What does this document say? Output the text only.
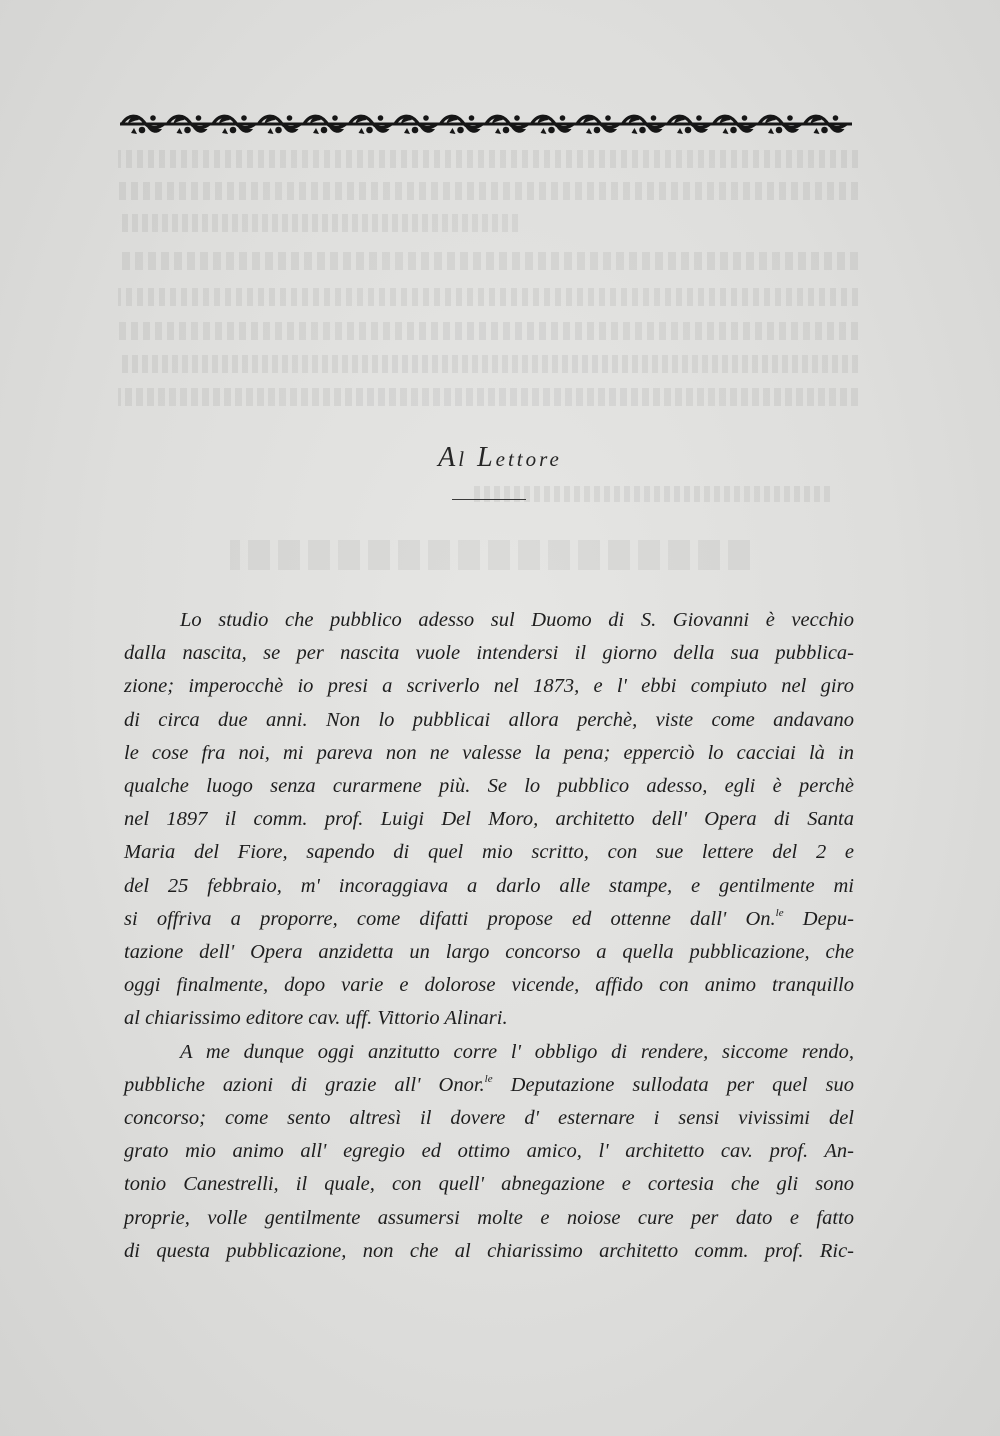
Al Lettore
Lo studio che pubblico adesso sul Duomo di S. Giovanni è vecchio
dalla nascita, se per nascita vuole intendersi il giorno della sua pubblica-
zione; imperocchè io presi a scriverlo nel 1873, e l' ebbi compiuto nel giro
di circa due anni. Non lo pubblicai allora perchè, viste come andavano
le cose fra noi, mi pareva non ne valesse la pena; epperciò lo cacciai là in
qualche luogo senza curarmene più. Se lo pubblico adesso, egli è perchè
nel 1897 il comm. prof. Luigi Del Moro, architetto dell' Opera di Santa
Maria del Fiore, sapendo di quel mio scritto, con sue lettere del 2 e
del 25 febbraio, m' incoraggiava a darlo alle stampe, e gentilmente mi
si offriva a proporre, come difatti propose ed ottenne dall' On.$^{le}$ Depu-
tazione dell' Opera anzidetta un largo concorso a quella pubblicazione, che
oggi finalmente, dopo varie e dolorose vicende, affido con animo tranquillo
al chiarissimo editore cav. uff. Vittorio Alinari.
A me dunque oggi anzitutto corre l' obbligo di rendere, siccome rendo,
pubbliche azioni di grazie all' Onor.$^{le}$ Deputazione sullodata per quel suo
concorso; come sento altresì il dovere d' esternare i sensi vivissimi del
grato mio animo all' egregio ed ottimo amico, l' architetto cav. prof. An-
tonio Canestrelli, il quale, con quell' abnegazione e cortesia che gli sono
proprie, volle gentilmente assumersi molte e noiose cure per dato e fatto
di questa pubblicazione, non che al chiarissimo architetto comm. prof. Ric-
